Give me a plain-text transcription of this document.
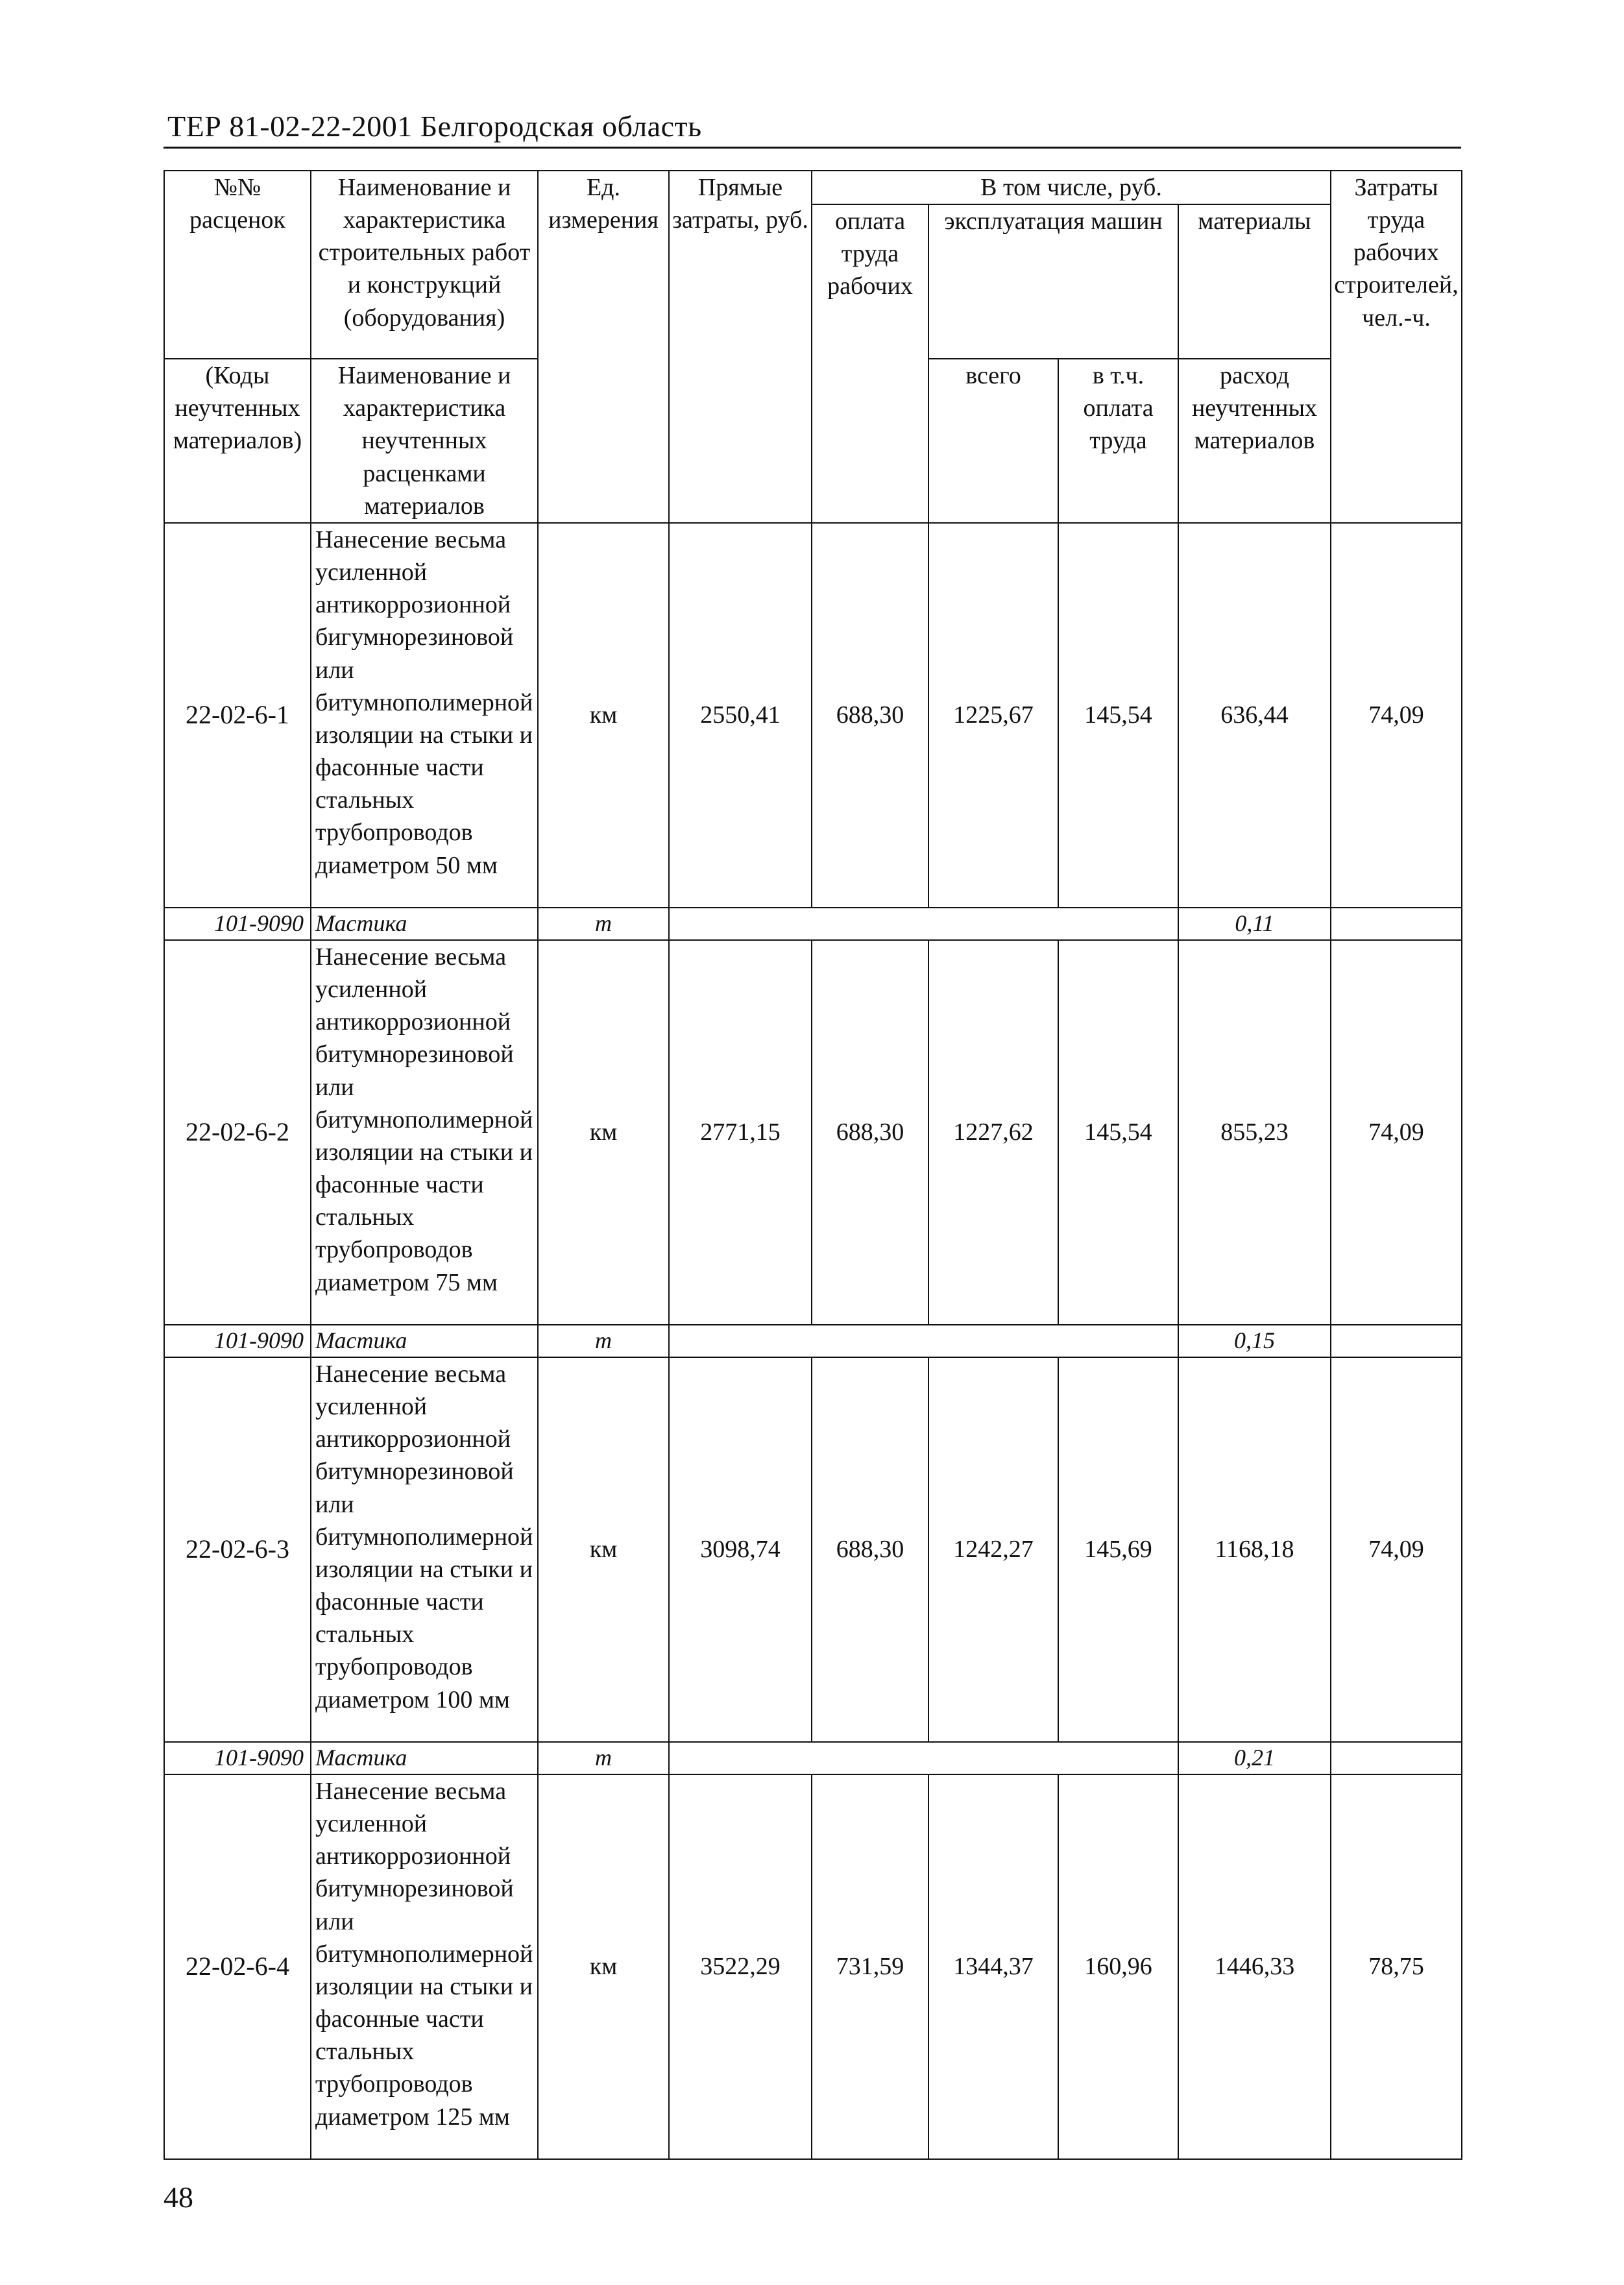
ТЕР 81-02-22-2001 Белгородская область
№№ расценок	Наименование и характеристика строительных работ и конструкций (оборудования)	Ед. измерения	Прямые затраты, руб.	В том числе, руб.				Затраты труда рабочих строителей, чел.-ч.
				оплата труда рабочих	эксплуатация машин		материалы	
(Коды неучтенных материалов)	Наименование и характеристика неучтенных расценками материалов				всего	в т.ч. оплата труда	расход неучтенных материалов	

22-02-6-1	Нанесение весьма усиленной антикоррозионной бигумнорезиновой или битумнополимерной изоляции на стыки и фасонные части стальных трубопроводов диаметром 50 мм	км	2550,41	688,30	1225,67	145,54	636,44	74,09
101-9090	Мастика	т					0,11	
22-02-6-2	Нанесение весьма усиленной антикоррозионной битумнорезиновой или битумнополимерной изоляции на стыки и фасонные части стальных трубопроводов диаметром 75 мм	км	2771,15	688,30	1227,62	145,54	855,23	74,09
101-9090	Мастика	т					0,15	
22-02-6-3	Нанесение весьма усиленной антикоррозионной битумнорезиновой или битумнополимерной изоляции на стыки и фасонные части стальных трубопроводов диаметром 100 мм	км	3098,74	688,30	1242,27	145,69	1168,18	74,09
101-9090	Мастика	т					0,21	
22-02-6-4	Нанесение весьма усиленной антикоррозионной битумнорезиновой или битумнополимерной изоляции на стыки и фасонные части стальных трубопроводов диаметром 125 мм	км	3522,29	731,59	1344,37	160,96	1446,33	78,75
48
